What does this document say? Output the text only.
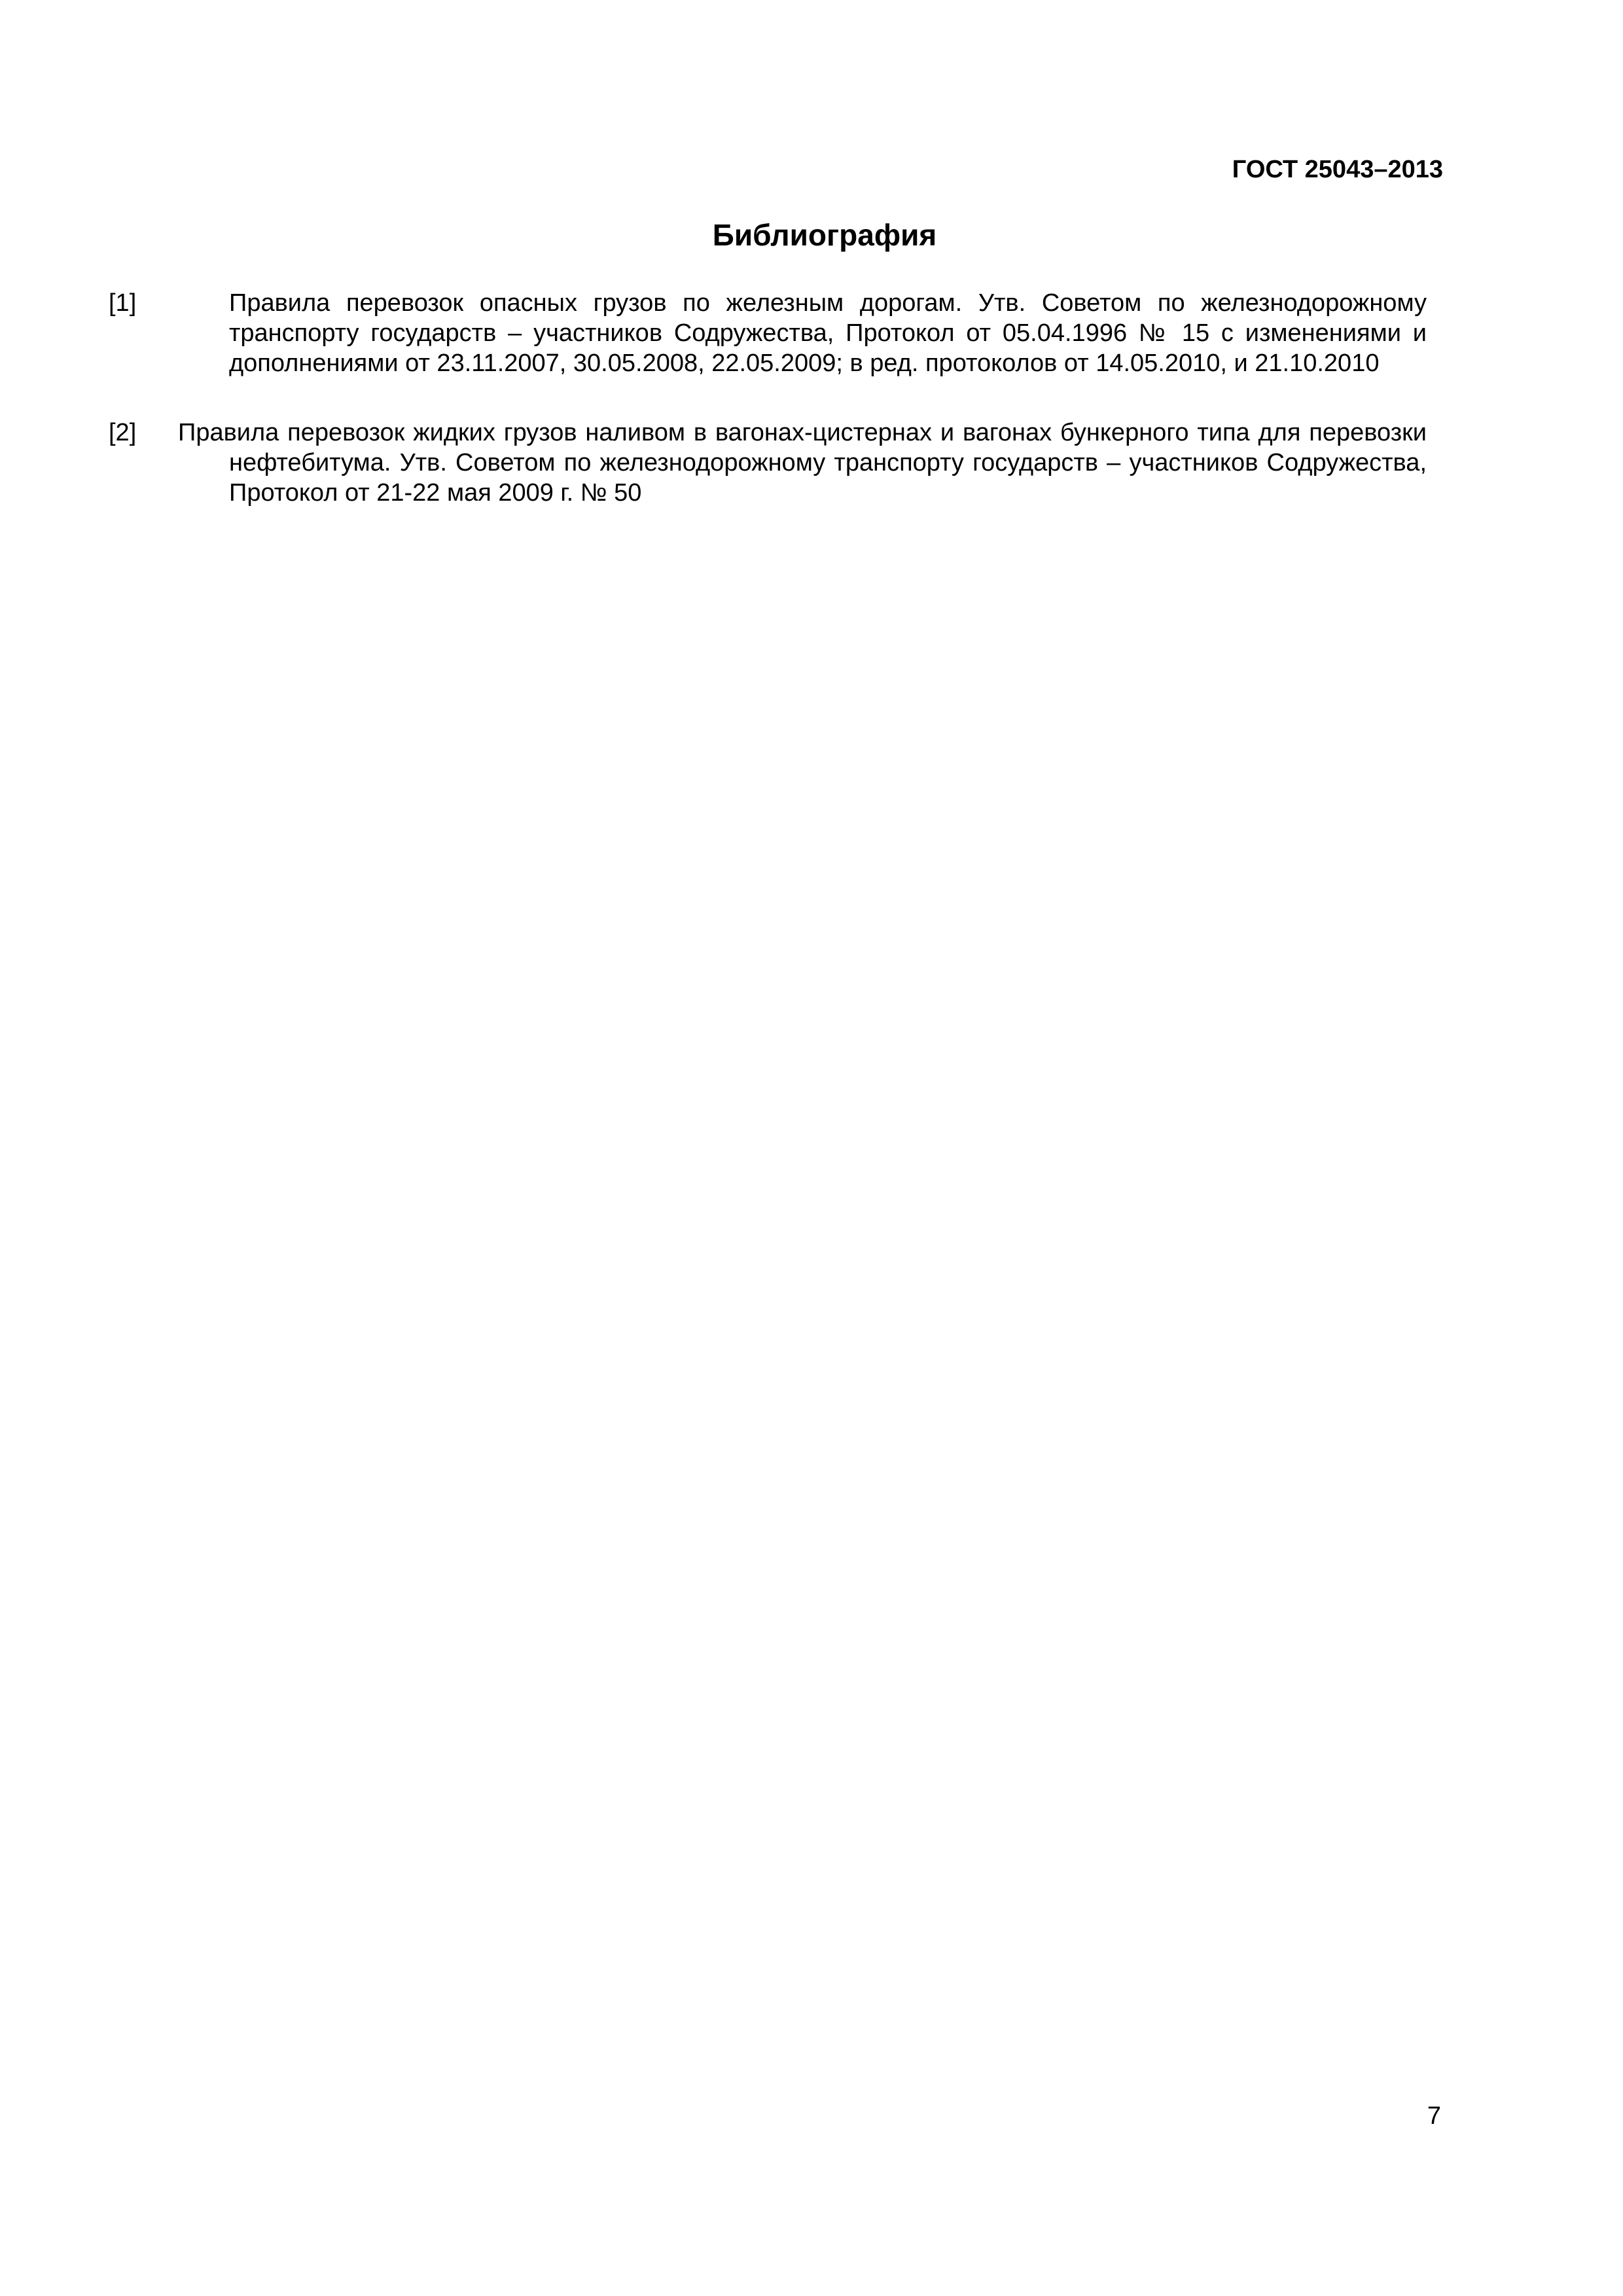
ГОСТ 25043–2013
Библиография

[1]	Правила перевозок опасных грузов по железным дорогам. Утв. Советом по железнодорожному транспорту государств – участников Содружества, Протокол от 05.04.1996 № 15 с изменениями и дополнениями от 23.11.2007, 30.05.2008, 22.05.2009; в ред. протоколов от 14.05.2010, и 21.10.2010

[2] Правила перевозок жидких грузов наливом в вагонах-цистернах и вагонах бункерного типа для перевозки нефтебитума. Утв. Советом по железнодорожному транспорту государств – участников Содружества, Протокол от 21-22 мая 2009 г. № 50

7
